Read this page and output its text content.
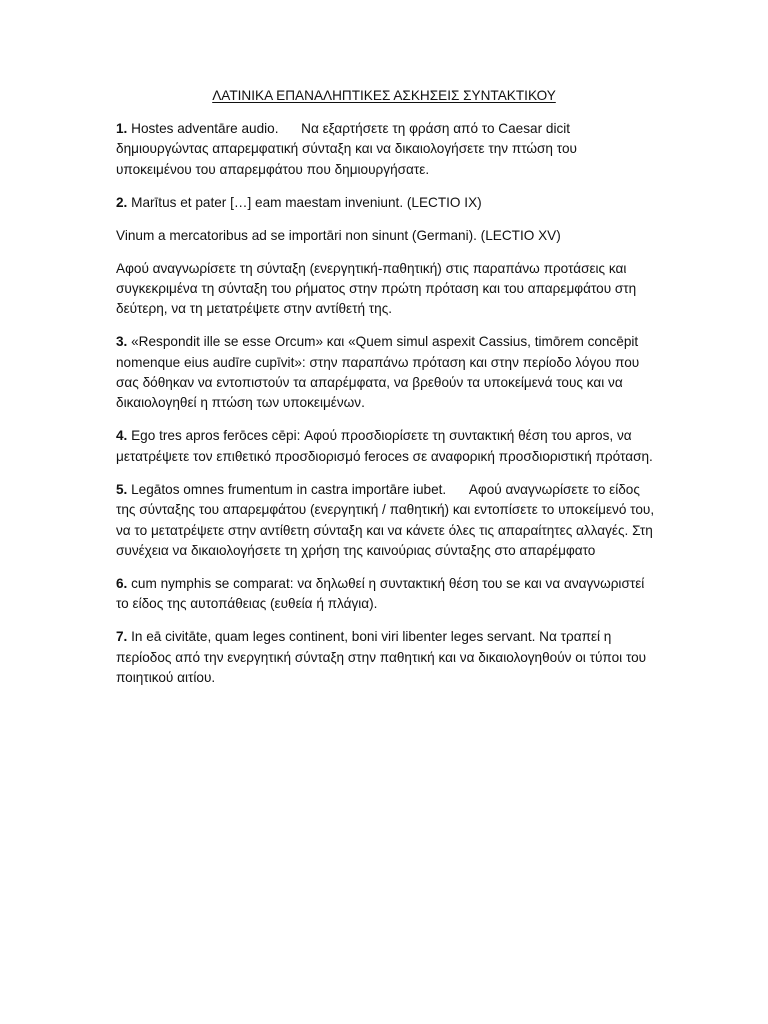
ΛΑΤΙΝΙΚΑ ΕΠΑΝΑΛΗΠΤΙΚΕΣ ΑΣΚΗΣΕΙΣ ΣΥΝΤΑΚΤΙΚΟΥ

1. Hostes adventāre audio.      Να εξαρτήσετε τη φράση από το Caesar dicit δημιουργώντας απαρεμφατική σύνταξη και να δικαιολογήσετε την πτώση του υποκειμένου του απαρεμφάτου που δημιουργήσατε.

2. Marītus et pater […] eam maestam inveniunt. (LECTIO IX)

Vinum a mercatoribus ad se importāri non sinunt (Germani). (LECTIO XV)

Αφού αναγνωρίσετε τη σύνταξη (ενεργητική-παθητική) στις παραπάνω προτάσεις και συγκεκριμένα τη σύνταξη του ρήματος στην πρώτη πρόταση και του απαρεμφάτου στη δεύτερη, να τη μετατρέψετε στην αντίθετή της.

3. «Respondit ille se esse Orcum» και «Quem simul aspexit Cassius, timōrem concēpit nomenque eius audīre cupīvit»: στην παραπάνω πρόταση και στην περίοδο λόγου που σας δόθηκαν να εντοπιστούν τα απαρέμφατα, να βρεθούν τα υποκείμενά τους και να δικαιολογηθεί η πτώση των υποκειμένων.

4. Ego tres apros ferōces cēpi: Αφού προσδιορίσετε τη συντακτική θέση του apros, να μετατρέψετε τον επιθετικό προσδιορισμό feroces σε αναφορική προσδιοριστική πρόταση.

5. Legātos omnes frumentum in castra importāre iubet.      Αφού αναγνωρίσετε το είδος της σύνταξης του απαρεμφάτου (ενεργητική / παθητική) και εντοπίσετε το υποκείμενό του, να το μετατρέψετε στην αντίθετη σύνταξη και να κάνετε όλες τις απαραίτητες αλλαγές. Στη συνέχεια να δικαιολογήσετε τη χρήση της καινούριας σύνταξης στο απαρέμφατο

6. cum nymphis se comparat: να δηλωθεί η συντακτική θέση του se και να αναγνωριστεί το είδος της αυτοπάθειας (ευθεία ή πλάγια).

7. In eā civitāte, quam leges continent, boni viri libenter leges servant. Να τραπεί η περίοδος από την ενεργητική σύνταξη στην παθητική και να δικαιολογηθούν οι τύποι του ποιητικού αιτίου.
